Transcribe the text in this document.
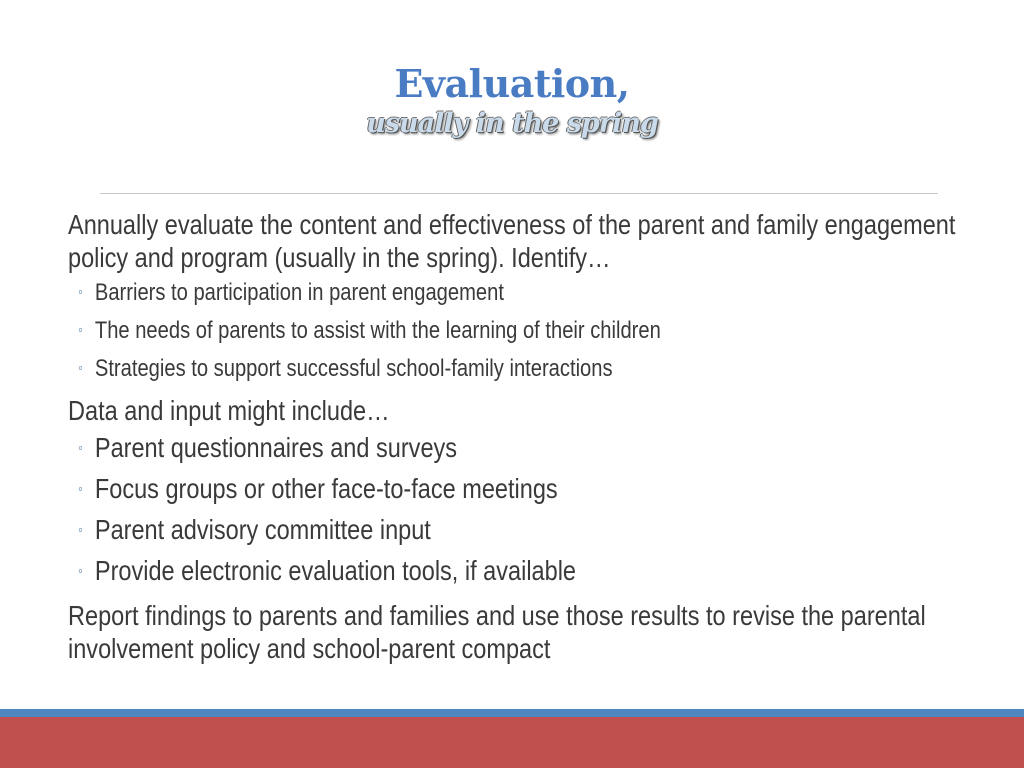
Evaluation,
usually in the spring

Annually evaluate the content and effectiveness of the parent and family engagement policy and program (usually in the spring). Identify…

◦ Barriers to participation in parent engagement
◦ The needs of parents to assist with the learning of their children
◦ Strategies to support successful school-family interactions

Data and input might include…

◦ Parent questionnaires and surveys
◦ Focus groups or other face-to-face meetings
◦ Parent advisory committee input
◦ Provide electronic evaluation tools, if available

Report findings to parents and families and use those results to revise the parental involvement policy and school-parent compact
